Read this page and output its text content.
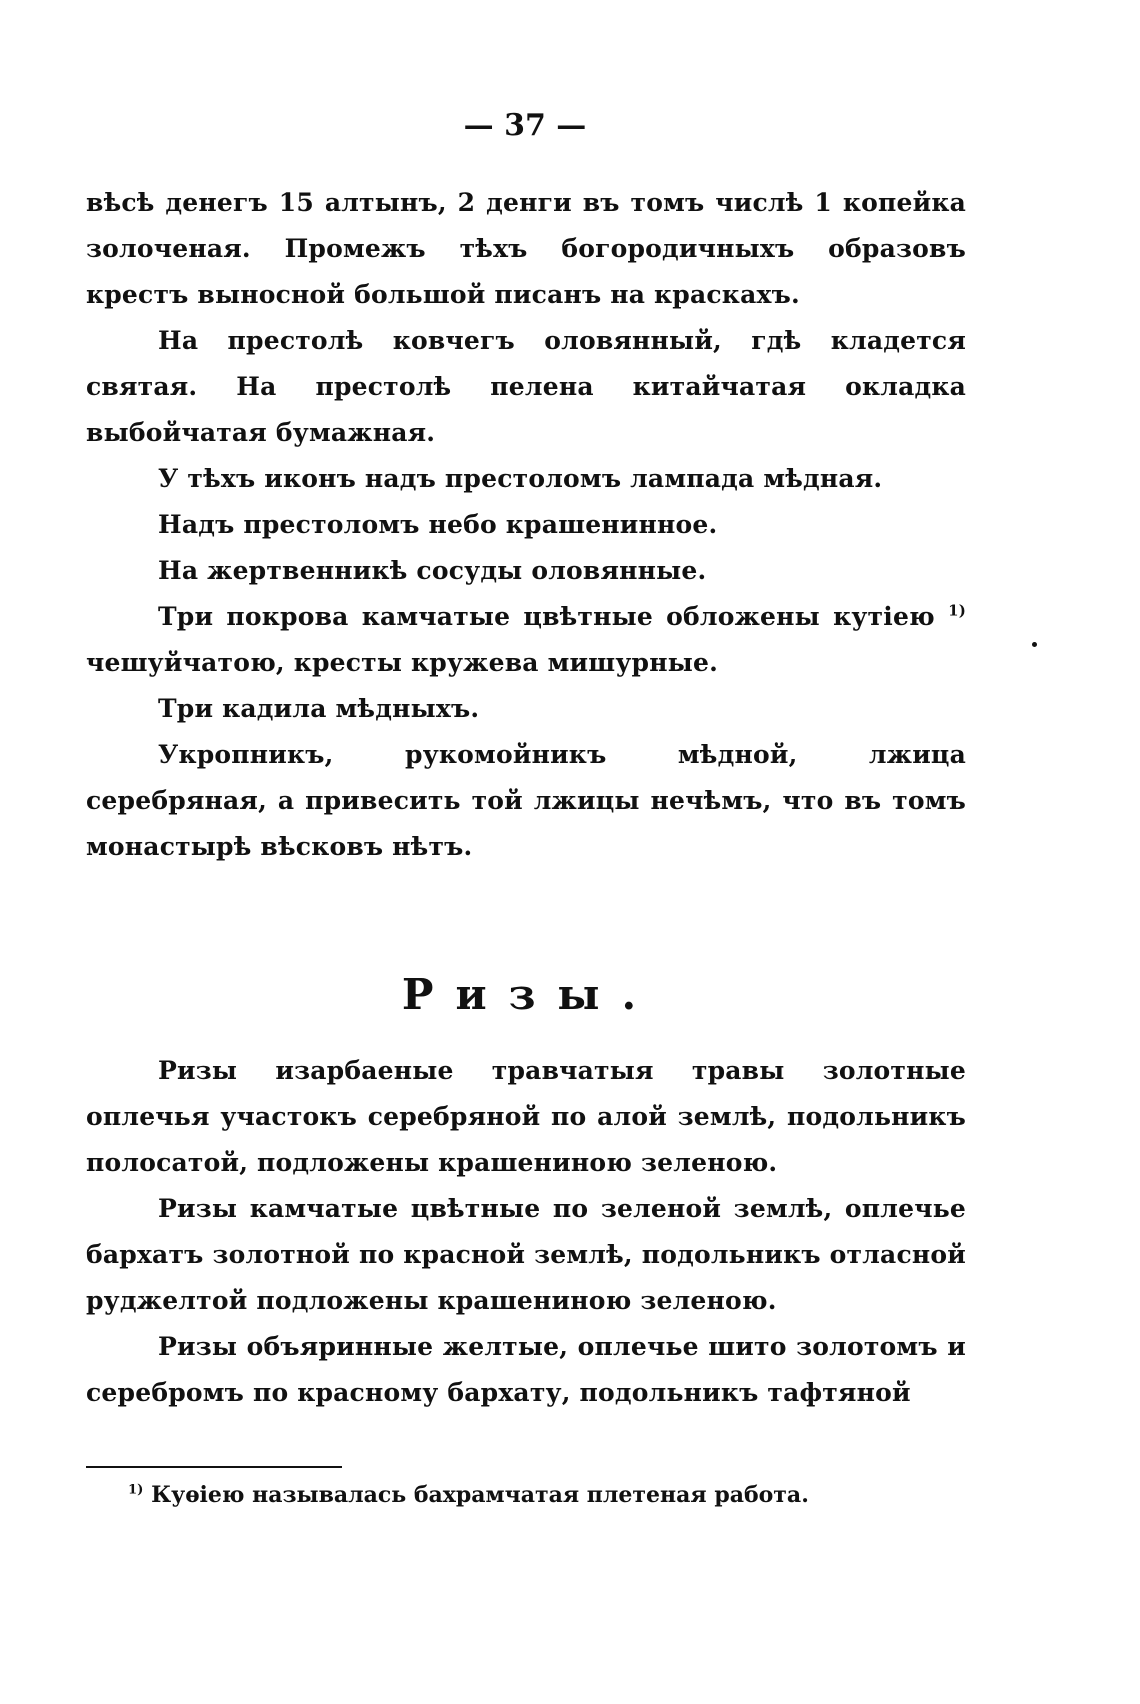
— 37 —

вѣсѣ денегъ 15 алтынъ, 2 денги въ томъ числѣ 1 копейка золоченая. Промежъ тѣхъ богородичныхъ образовъ крестъ выносной большой писанъ на краскахъ.

На престолѣ ковчегъ оловянный, гдѣ кладется святая. На престолѣ пелена китайчатая окладка выбойчатая бумажная.

У тѣхъ иконъ надъ престоломъ лампада мѣдная.

Надъ престоломъ небо крашенинное.

На жертвенникѣ сосуды оловянные.

Три покрова камчатые цвѣтные обложены кутіею $^{1)}$ чешуйчатою, кресты кружева мишурные.

Три кадила мѣдныхъ.

Укропникъ, рукомойникъ мѣдной, лжица серебряная, а привесить той лжицы нечѣмъ, что въ томъ монастырѣ вѣсковъ нѣтъ.

Ризы.

Ризы изарбаеные травчатыя травы золотные оплечья участокъ серебряной по алой землѣ, подольникъ полосатой, подложены крашениною зеленою.

Ризы камчатые цвѣтные по зеленой землѣ, оплечье бархатъ золотной по красной землѣ, подольникъ отласной руджелтой подложены крашениною зеленою.

Ризы объяринные желтые, оплечье шито золотомъ и серебромъ по красному бархату, подольникъ тафтяной

$^{1)}$ Куѳіею называлась бахрамчатая плетеная работа.
